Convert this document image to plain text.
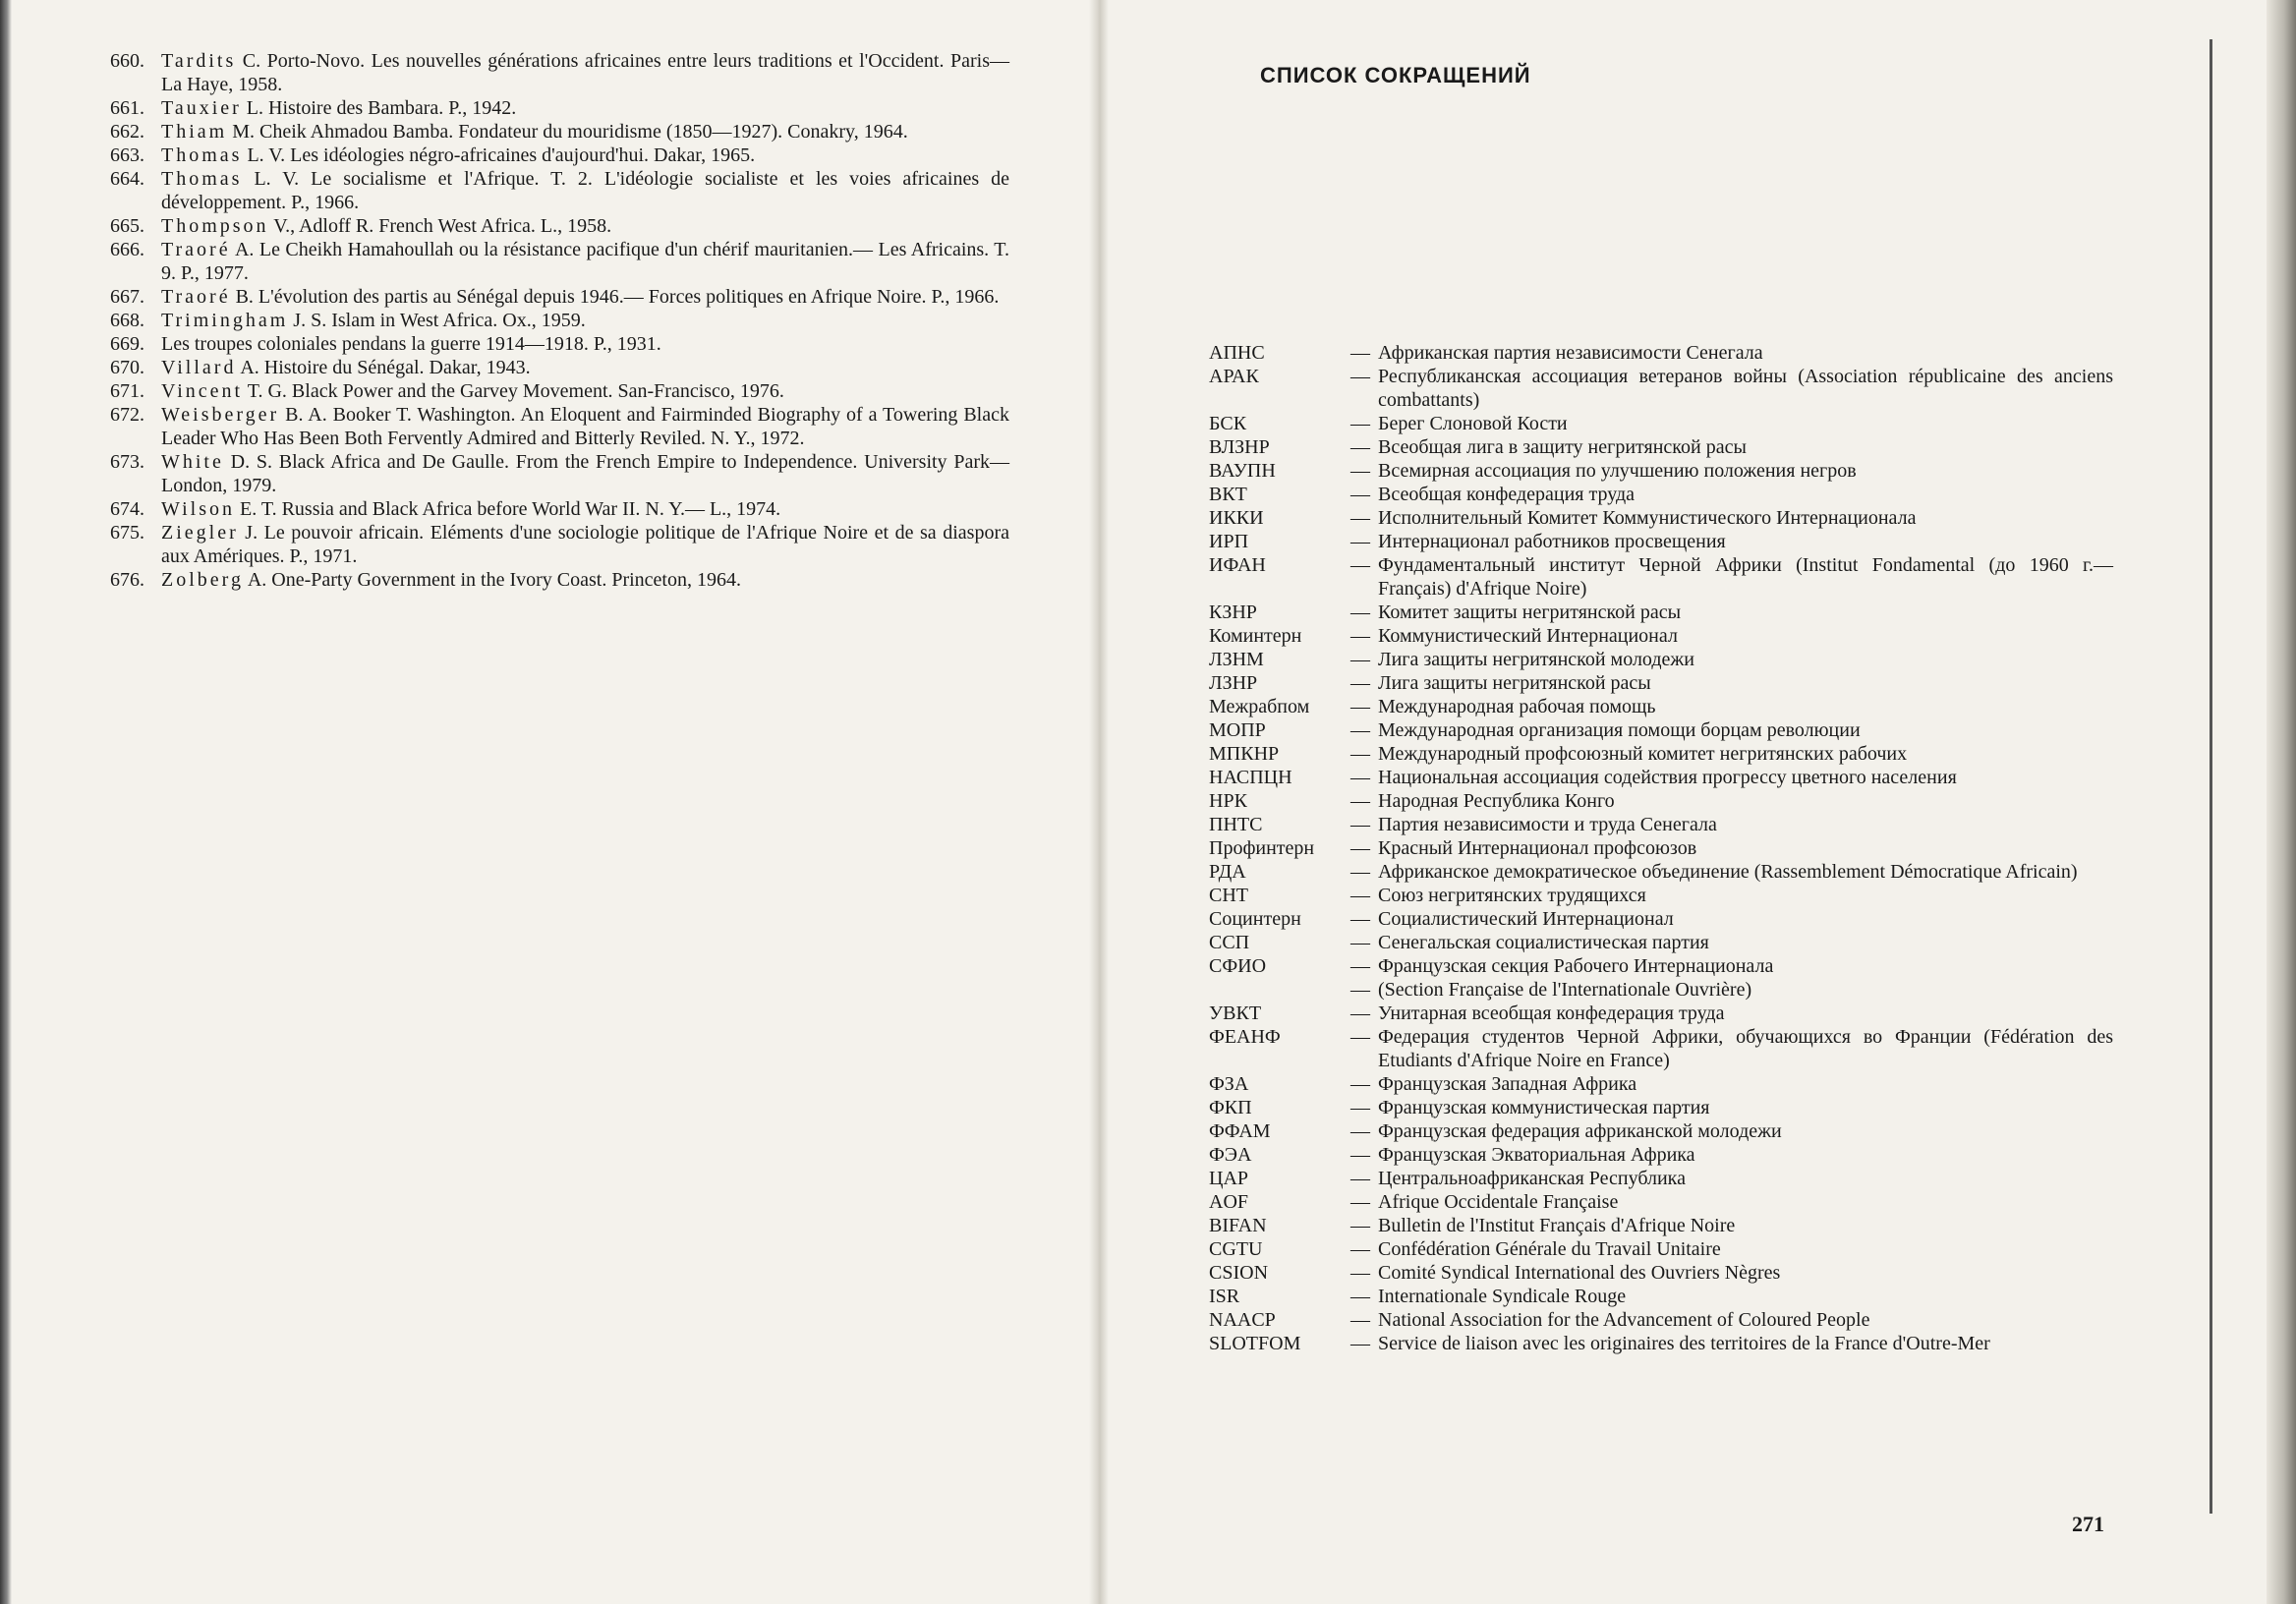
660. Tardits C. Porto-Novo. Les nouvelles générations africaines entre leurs traditions et l'Occident. Paris—La Haye, 1958.
661. Tauxier L. Histoire des Bambara. P., 1942.
662. Thiam M. Cheik Ahmadou Bamba. Fondateur du mouridisme (1850—1927). Conakry, 1964.
663. Thomas L. V. Les idéologies négro-africaines d'aujourd'hui. Dakar, 1965.
664. Thomas L. V. Le socialisme et l'Afrique. T. 2. L'idéologie socialiste et les voies africaines de développement. P., 1966.
665. Thompson V., Adloff R. French West Africa. L., 1958.
666. Traoré A. Le Cheikh Hamahoullah ou la résistance pacifique d'un chérif mauritanien.— Les Africains. T. 9. P., 1977.
667. Traoré B. L'évolution des partis au Sénégal depuis 1946.— Forces politiques en Afrique Noire. P., 1966.
668. Trimingham J. S. Islam in West Africa. Ox., 1959.
669. Les troupes coloniales pendans la guerre 1914—1918. P., 1931.
670. Villard A. Histoire du Sénégal. Dakar, 1943.
671. Vincent T. G. Black Power and the Garvey Movement. San-Francisco, 1976.
672. Weisberger B. A. Booker T. Washington. An Eloquent and Fairminded Biography of a Towering Black Leader Who Has Been Both Fervently Admired and Bitterly Reviled. N. Y., 1972.
673. White D. S. Black Africa and De Gaulle. From the French Empire to Independence. University Park—London, 1979.
674. Wilson E. T. Russia and Black Africa before World War II. N. Y.— L., 1974.
675. Ziegler J. Le pouvoir africain. Eléments d'une sociologie politique de l'Afrique Noire et de sa diaspora aux Amériques. P., 1971.
676. Zolberg A. One-Party Government in the Ivory Coast. Princeton, 1964.
СПИСОК СОКРАЩЕНИЙ
АПНС	—	Африканская партия независимости Сенегала
АРАК	—	Республиканская ассоциация ветеранов войны (Association républicaine des anciens combattants)
БСК	—	Берег Слоновой Кости
ВЛЗНР	—	Всеобщая лига в защиту негритянской расы
ВАУПН	—	Всемирная ассоциация по улучшению положения негров
ВКТ	—	Всеобщая конфедерация труда
ИККИ	—	Исполнительный Комитет Коммунистического Интернационала
ИРП	—	Интернационал работников просвещения
ИФАН	—	Фундаментальный институт Черной Африки (Institut Fondamental (до 1960 г.— Français) d'Afrique Noire)
КЗНР	—	Комитет защиты негритянской расы
Коминтерн	—	Коммунистический Интернационал
ЛЗНМ	—	Лига защиты негритянской молодежи
ЛЗНР	—	Лига защиты негритянской расы
Межрабпом	—	Международная рабочая помощь
МОПР	—	Международная организация помощи борцам революции
МПКНР	—	Международный профсоюзный комитет негритянских рабочих
НАСПЦН	—	Национальная ассоциация содействия прогрессу цветного населения
НРК	—	Народная Республика Конго
ПНТС	—	Партия независимости и труда Сенегала
Профинтерн	—	Красный Интернационал профсоюзов
РДА	—	Африканское демократическое объединение (Rassemblement Démocratique Africain)
СНТ	—	Союз негритянских трудящихся
Социнтерн	—	Социалистический Интернационал
ССП	—	Сенегальская социалистическая партия
СФИО	—	Французская секция Рабочего Интернационала
	—	(Section Française de l'Internationale Ouvrière)
УВКТ	—	Унитарная всеобщая конфедерация труда
ФЕАНФ	—	Федерация студентов Черной Африки, обучающихся во Франции (Fédération des Etudiants d'Afrique Noire en France)
ФЗА	—	Французская Западная Африка
ФКП	—	Французская коммунистическая партия
ФФАМ	—	Французская федерация африканской молодежи
ФЭА	—	Французская Экваториальная Африка
ЦАР	—	Центральноафриканская Республика
AOF	—	Afrique Occidentale Française
BIFAN	—	Bulletin de l'Institut Français d'Afrique Noire
CGTU	—	Confédération Générale du Travail Unitaire
CSION	—	Comité Syndical International des Ouvriers Nègres
ISR	—	Internationale Syndicale Rouge
NAACP	—	National Association for the Advancement of Coloured People
SLOTFOM	—	Service de liaison avec les originaires des territoires de la France d'Outre-Mer
271
